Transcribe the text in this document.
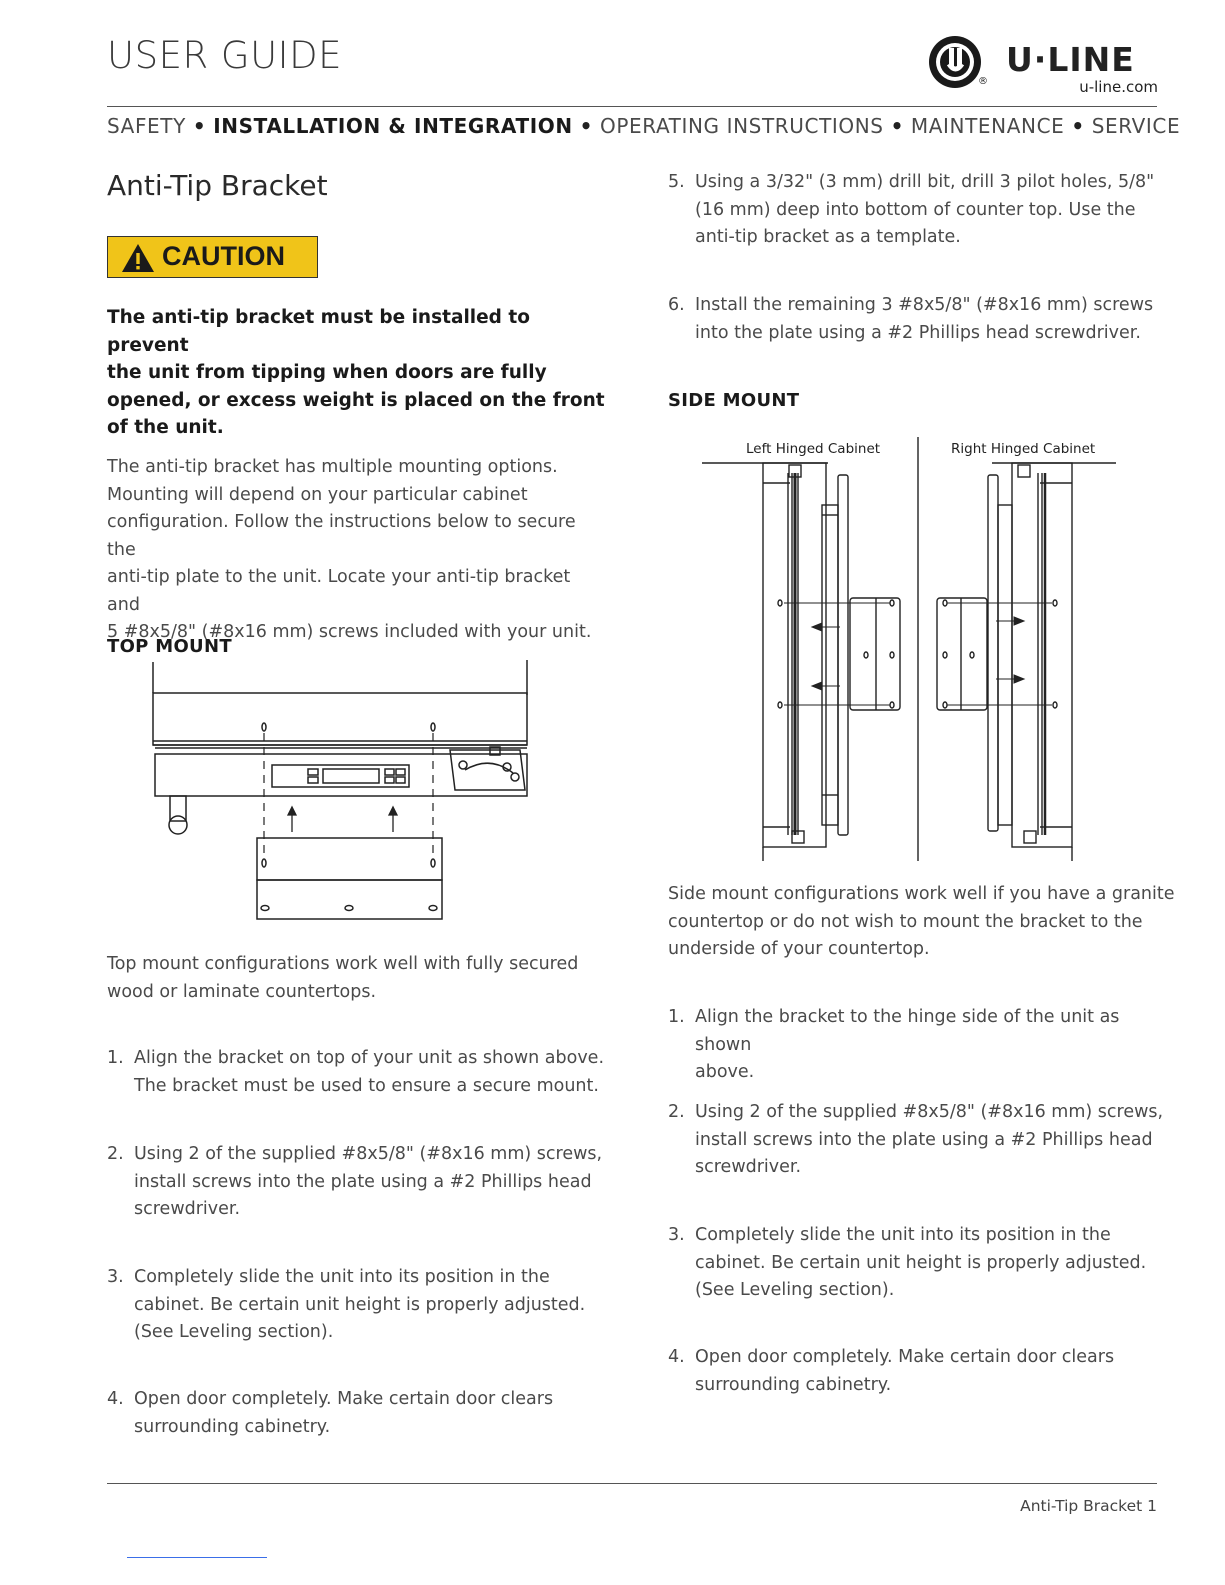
USER GUIDE
®
U·LINE
u-line.com
SAFETY • INSTALLATION & INTEGRATION • OPERATING INSTRUCTIONS • MAINTENANCE • SERVICE
Anti-Tip Bracket
CAUTION
The anti-tip bracket must be installed to prevent
the unit from tipping when doors are fully
opened, or excess weight is placed on the front
of the unit.
The anti-tip bracket has multiple mounting options.
Mounting will depend on your particular cabinet
configuration. Follow the instructions below to secure the
anti-tip plate to the unit. Locate your anti-tip bracket and
5 #8x5/8" (#8x16 mm) screws included with your unit.
TOP MOUNT
Top mount configurations work well with fully secured
wood or laminate countertops.
1. Align the bracket on top of your unit as shown above.
The bracket must be used to ensure a secure mount.
2. Using 2 of the supplied #8x5/8" (#8x16 mm) screws,
install screws into the plate using a #2 Phillips head
screwdriver.
3. Completely slide the unit into its position in the
cabinet. Be certain unit height is properly adjusted.
(See Leveling section).
4. Open door completely. Make certain door clears
surrounding cabinetry.
5. Using a 3/32" (3 mm) drill bit, drill 3 pilot holes, 5/8"
(16 mm) deep into bottom of counter top. Use the
anti-tip bracket as a template.
6. Install the remaining 3 #8x5/8" (#8x16 mm) screws
into the plate using a #2 Phillips head screwdriver.
SIDE MOUNT
Left Hinged Cabinet	Right Hinged Cabinet
Side mount configurations work well if you have a granite
countertop or do not wish to mount the bracket to the
underside of your countertop.
1. Align the bracket to the hinge side of the unit as shown
above.
2. Using 2 of the supplied #8x5/8" (#8x16 mm) screws,
install screws into the plate using a #2 Phillips head
screwdriver.
3. Completely slide the unit into its position in the
cabinet. Be certain unit height is properly adjusted.
(See Leveling section).
4. Open door completely. Make certain door clears
surrounding cabinetry.
Anti-Tip Bracket 1
